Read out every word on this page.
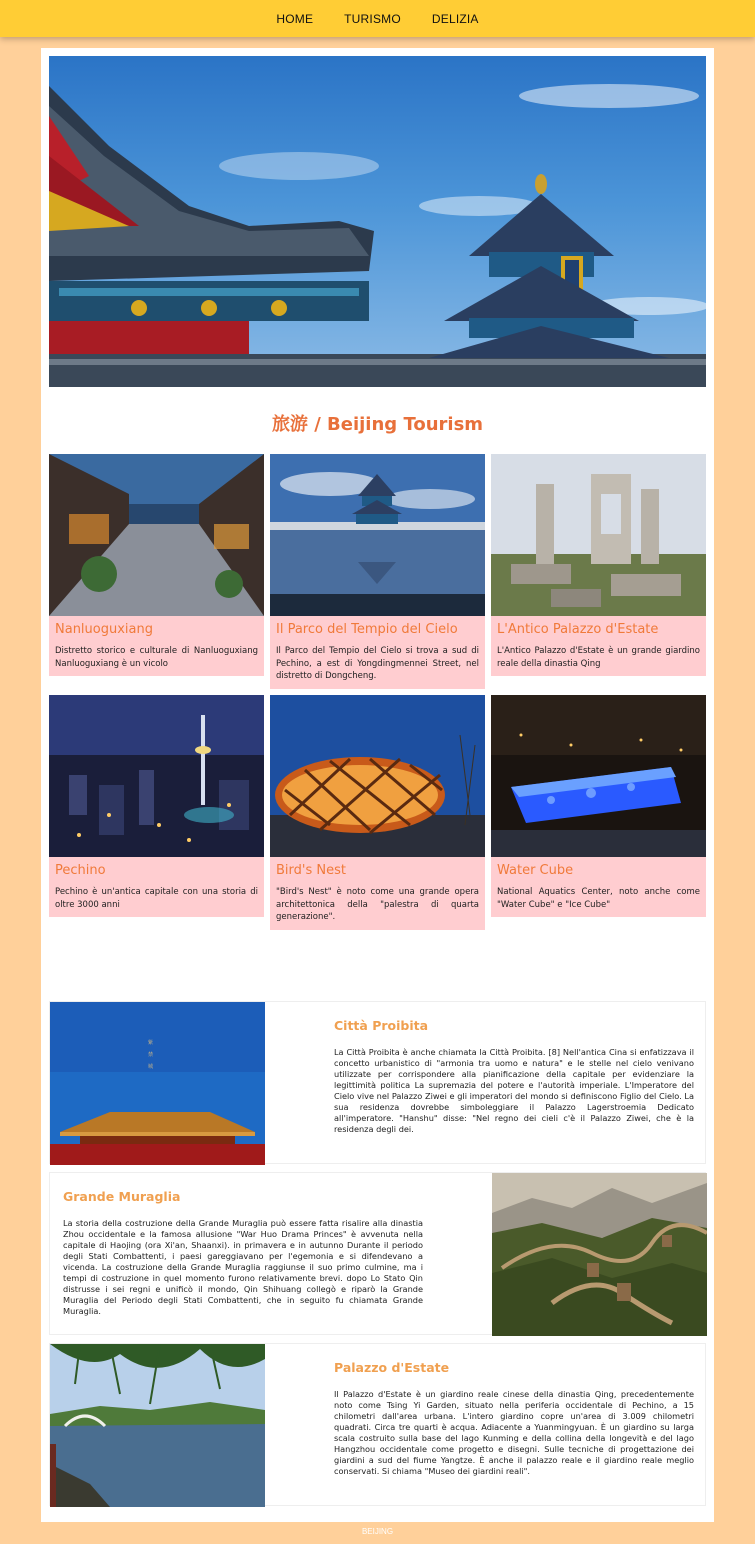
HOME	TURISMO	DELIZIA
旅游 / Beijing Tourism
Nanluoguxiang

Distretto storico e culturale di Nanluoguxiang Nanluoguxiang è un vicolo

Il Parco del Tempio del Cielo

Il Parco del Tempio del Cielo si trova a sud di Pechino, a est di Yongdingmennei Street, nel distretto di Dongcheng.

L'Antico Palazzo d'Estate

L'Antico Palazzo d'Estate è un grande giardino reale della dinastia Qing

Pechino

Pechino è un'antica capitale con una storia di oltre 3000 anni

Bird's Nest

"Bird's Nest" è noto come una grande opera architettonica della "palestra di quarta generazione".

Water Cube

National Aquatics Center, noto anche come "Water Cube" e "Ice Cube"

紫
禁
城
Città Proibita

La Città Proibita è anche chiamata la Città Proibita. [8] Nell'antica Cina si enfatizzava il concetto urbanistico di "armonia tra uomo e natura" e le stelle nel cielo venivano utilizzate per corrispondere alla pianificazione della capitale per evidenziare la legittimità politica La supremazia del potere e l'autorità imperiale. L'Imperatore del Cielo vive nel Palazzo Ziwei e gli imperatori del mondo si definiscono Figlio del Cielo. La sua residenza dovrebbe simboleggiare il Palazzo Lagerstroemia Dedicato all'imperatore. "Hanshu" disse: "Nel regno dei cieli c'è il Palazzo Ziwei, che è la residenza degli dei.

Grande Muraglia

La storia della costruzione della Grande Muraglia può essere fatta risalire alla dinastia Zhou occidentale e la famosa allusione "War Huo Drama Princes" è avvenuta nella capitale di Haojing (ora Xi'an, Shaanxi). in primavera e in autunno Durante il periodo degli Stati Combattenti, i paesi gareggiavano per l'egemonia e si difendevano a vicenda. La costruzione della Grande Muraglia raggiunse il suo primo culmine, ma i tempi di costruzione in quel momento furono relativamente brevi. dopo Lo Stato Qin distrusse i sei regni e unificò il mondo, Qin Shihuang collegò e riparò la Grande Muraglia del Periodo degli Stati Combattenti, che in seguito fu chiamata Grande Muraglia.

Palazzo d'Estate

Il Palazzo d'Estate è un giardino reale cinese della dinastia Qing, precedentemente noto come Tsing Yi Garden, situato nella periferia occidentale di Pechino, a 15 chilometri dall'area urbana. L'intero giardino copre un'area di 3.009 chilometri quadrati. Circa tre quarti è acqua. Adiacente a Yuanmingyuan. È un giardino su larga scala costruito sulla base del lago Kunming e della collina della longevità e del lago Hangzhou occidentale come progetto e disegni. Sulle tecniche di progettazione dei giardini a sud del fiume Yangtze. È anche il palazzo reale e il giardino reale meglio conservati. Si chiama "Museo dei giardini reali".

BEIJING
